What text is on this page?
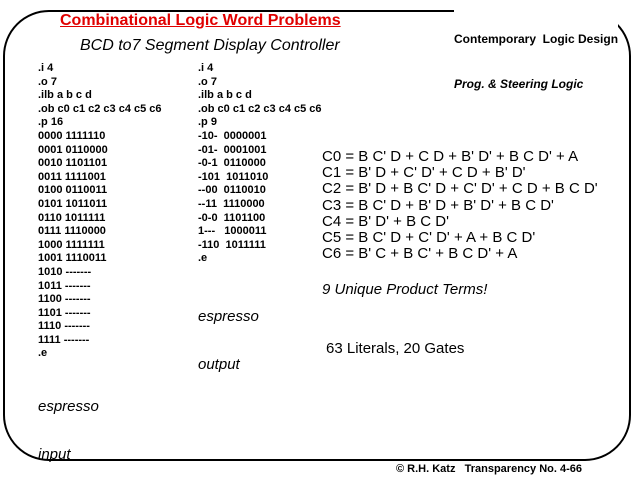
Combinational Logic Word Problems

Contemporary  Logic Design

Prog. & Steering Logic

BCD to7 Segment Display Controller
.i 4
.o 7
.ilb a b c d
.ob c0 c1 c2 c3 c4 c5 c6
.p 16
0000 1111110
0001 0110000
0010 1101101
0011 1111001
0100 0110011
0101 1011011
0110 1011111
0111 1110000
1000 1111111
1001 1110011
1010 -------
1011 -------
1100 -------
1101 -------
1110 -------
1111 -------
.e

espresso

input

.i 4
.o 7
.ilb a b c d
.ob c0 c1 c2 c3 c4 c5 c6
.p 9
-10-  0000001
-01-  0001001
-0-1  0110000
-101  1011010
--00  0110010
--11  1110000
-0-0  1101100
1---   1000011
-110  1011111
.e

espresso

output

C0 = B C' D + C D + B' D' + B C D' + A
C1 = B' D + C' D' + C D + B' D'
C2 = B' D + B C' D + C' D' + C D + B C D'
C3 = B C' D + B' D + B' D' + B C D'
C4 = B' D' + B C D'
C5 = B C' D + C' D' + A + B C D'
C6 = B' C + B C' + B C D' + A
9 Unique Product Terms!
63 Literals, 20 Gates
© R.H. Katz   Transparency No. 4-66
